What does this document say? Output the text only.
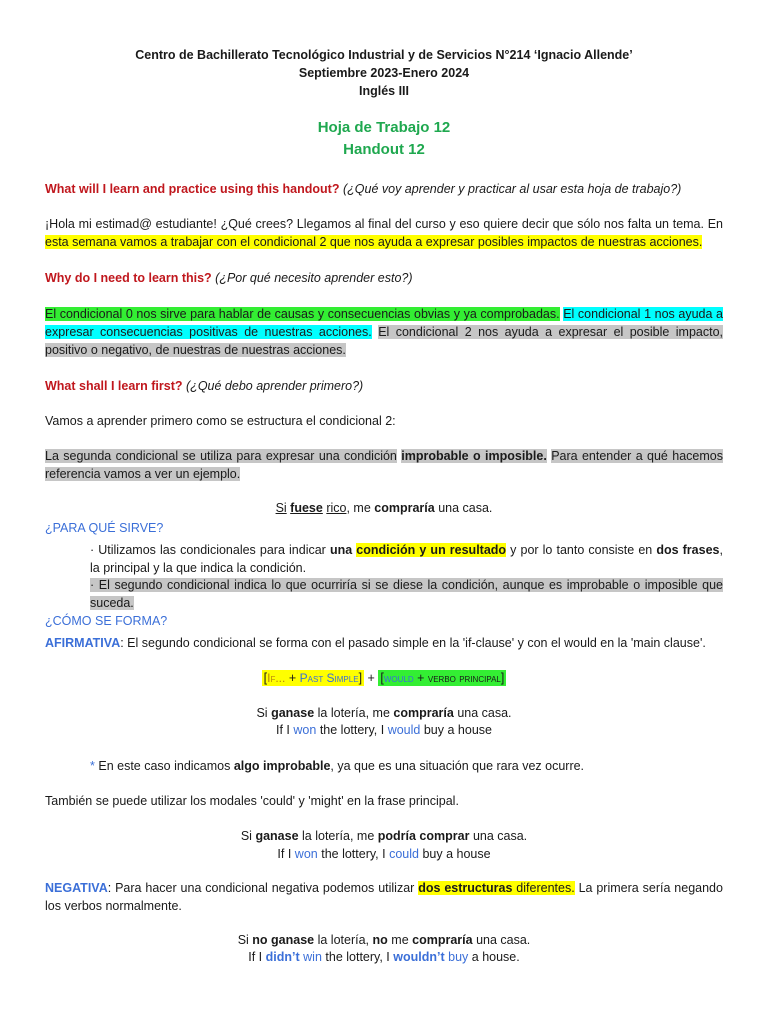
Centro de Bachillerato Tecnológico Industrial y de Servicios N°214 ‘Ignacio Allende’
Septiembre 2023-Enero 2024
Inglés III
Hoja de Trabajo 12
Handout 12
What will I learn and practice using this handout? (¿Qué voy aprender y practicar al usar esta hoja de trabajo?)
¡Hola mi estimad@ estudiante! ¿Qué crees? Llegamos al final del curso y eso quiere decir que sólo nos falta un tema. En esta semana vamos a trabajar con el condicional 2 que nos ayuda a expresar posibles impactos de nuestras acciones.
Why do I need to learn this? (¿Por qué necesito aprender esto?)
El condicional 0 nos sirve para hablar de causas y consecuencias obvias y ya comprobadas. El condicional 1 nos ayuda a expresar consecuencias positivas de nuestras acciones. El condicional 2 nos ayuda a expresar el posible impacto, positivo o negativo, de nuestras de nuestras acciones.
What shall I learn first? (¿Qué debo aprender primero?)
Vamos a aprender primero como se estructura el condicional 2:
La segunda condicional se utiliza para expresar una condición improbable o imposible. Para entender a qué hacemos referencia vamos a ver un ejemplo.
Si fuese rico, me compraría una casa.
¿PARA QUÉ SIRVE?
· Utilizamos las condicionales para indicar una condición y un resultado y por lo tanto consiste en dos frases, la principal y la que indica la condición.
· El segundo condicional indica lo que ocurriría si se diese la condición, aunque es improbable o imposible que suceda.
¿CÓMO SE FORMA?
AFIRMATIVA: El segundo condicional se forma con el pasado simple en la 'if-clause' y con el would en la 'main clause'.
[If... + Past Simple] + [would + verbo principal]
Si ganase la lotería, me compraría una casa.
If I won the lottery, I would buy a house
* En este caso indicamos algo improbable, ya que es una situación que rara vez ocurre.
También se puede utilizar los modales 'could' y 'might' en la frase principal.
Si ganase la lotería, me podría comprar una casa.
If I won the lottery, I could buy a house
NEGATIVA: Para hacer una condicional negativa podemos utilizar dos estructuras diferentes. La primera sería negando los verbos normalmente.
Si no ganase la lotería, no me compraría una casa.
If I didn’t win the lottery, I wouldn’t buy a house.
